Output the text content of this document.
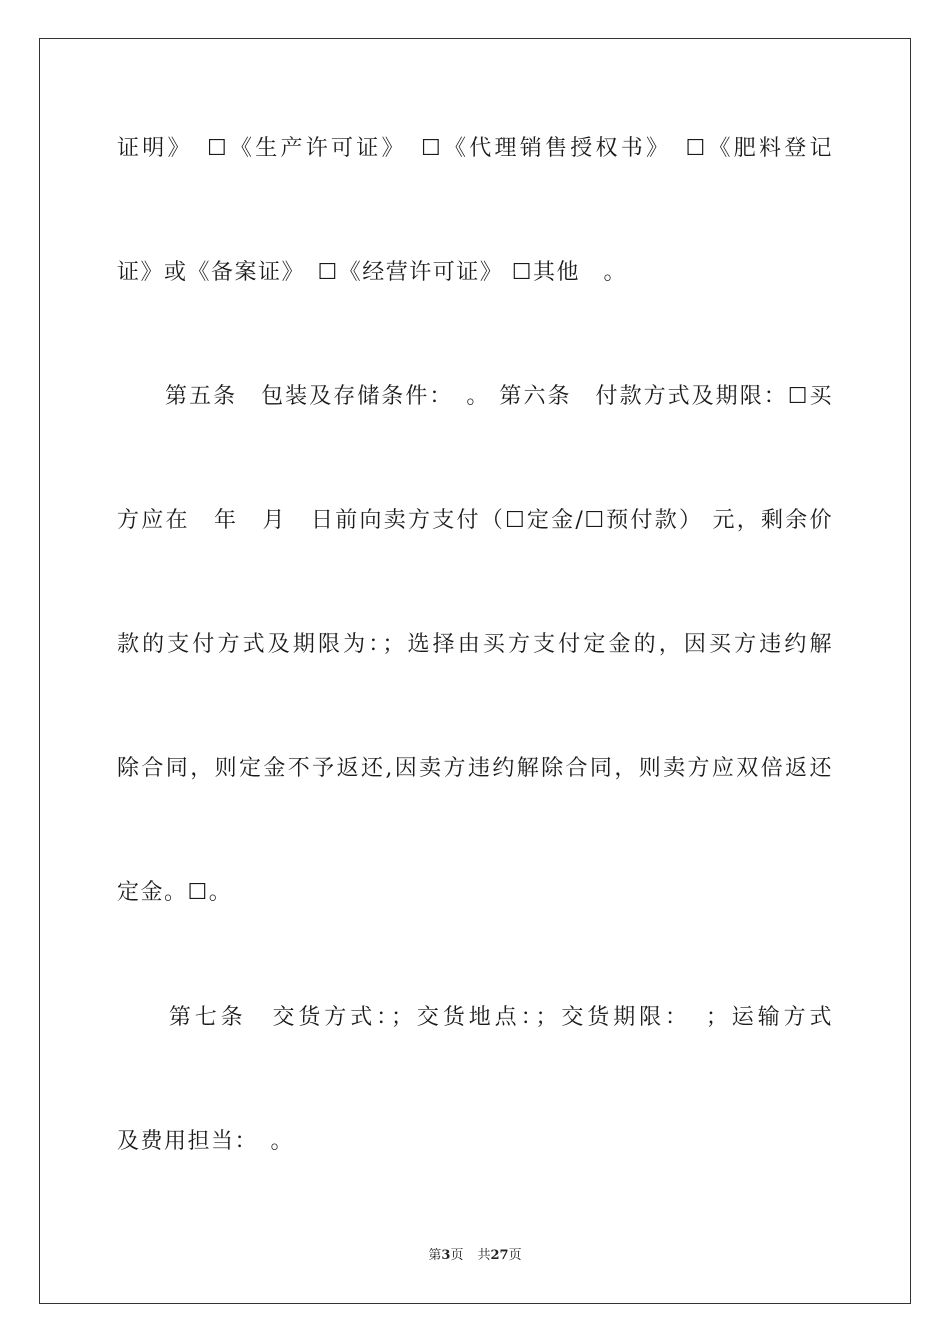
证明》　☐《生产许可证》　☐《代理销售授权书》　☐《肥料登记
证》或《备案证》　☐《经营许可证》 ☐其他　。
　　第五条　包装及存储条件：　。 第六条　付款方式及期限：☐买
方应在　年　月　日前向卖方支付（☐定金/☐预付款） 元，剩余价
款的支付方式及期限为：；选择由买方支付定金的，因买方违约解
除合同，则定金不予返还,因卖方违约解除合同，则卖方应双倍返还
定金。☐。
　　第七条　交货方式：；交货地点：；交货期限：　；运输方式
及费用担当：　。
第3页 共27页
